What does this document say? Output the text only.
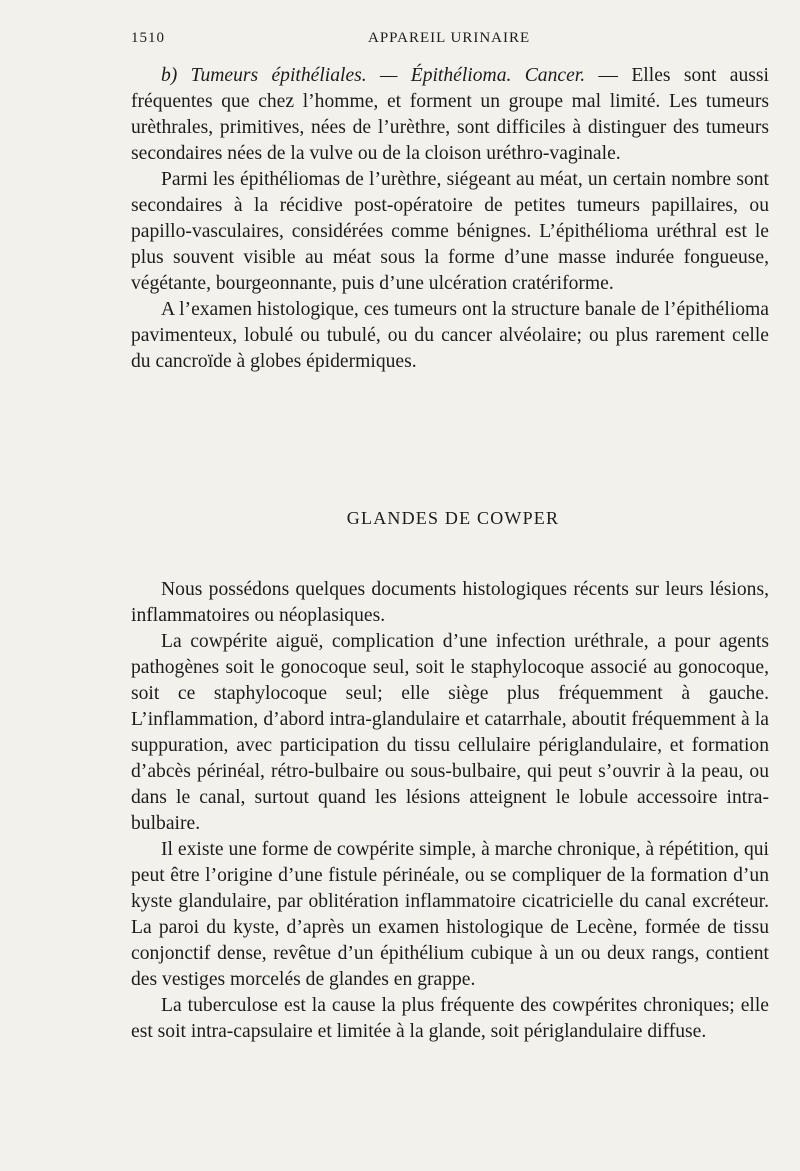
1510	APPAREIL URINAIRE

b) Tumeurs épithéliales. — Épithélioma. Cancer. — Elles sont aussi fréquentes que chez l’homme, et forment un groupe mal limité. Les tumeurs urèthrales, primitives, nées de l’urèthre, sont difficiles à distinguer des tumeurs secondaires nées de la vulve ou de la cloison uréthro-vaginale.

Parmi les épithéliomas de l’urèthre, siégeant au méat, un certain nombre sont secondaires à la récidive post-opératoire de petites tumeurs papillaires, ou papillo-vasculaires, considérées comme bénignes. L’épithélioma uréthral est le plus souvent visible au méat sous la forme d’une masse indurée fongueuse, végétante, bourgeonnante, puis d’une ulcération cratériforme.

A l’examen histologique, ces tumeurs ont la structure banale de l’épithélioma pavimenteux, lobulé ou tubulé, ou du cancer alvéolaire; ou plus rarement celle du cancroïde à globes épidermiques.

GLANDES DE COWPER

Nous possédons quelques documents histologiques récents sur leurs lésions, inflammatoires ou néoplasiques.

La cowpérite aiguë, complication d’une infection uréthrale, a pour agents pathogènes soit le gonocoque seul, soit le staphylocoque associé au gonocoque, soit ce staphylocoque seul; elle siège plus fréquemment à gauche. L’inflammation, d’abord intra-glandulaire et catarrhale, aboutit fréquemment à la suppuration, avec participation du tissu cellulaire périglandulaire, et formation d’abcès périnéal, rétro-bulbaire ou sous-bulbaire, qui peut s’ouvrir à la peau, ou dans le canal, surtout quand les lésions atteignent le lobule accessoire intra-bulbaire.

Il existe une forme de cowpérite simple, à marche chronique, à répétition, qui peut être l’origine d’une fistule périnéale, ou se compliquer de la formation d’un kyste glandulaire, par oblitération inflammatoire cicatricielle du canal excréteur. La paroi du kyste, d’après un examen histologique de Lecène, formée de tissu conjonctif dense, revêtue d’un épithélium cubique à un ou deux rangs, contient des vestiges morcelés de glandes en grappe.

La tuberculose est la cause la plus fréquente des cowpérites chroniques; elle est soit intra-capsulaire et limitée à la glande, soit périglandulaire diffuse.
